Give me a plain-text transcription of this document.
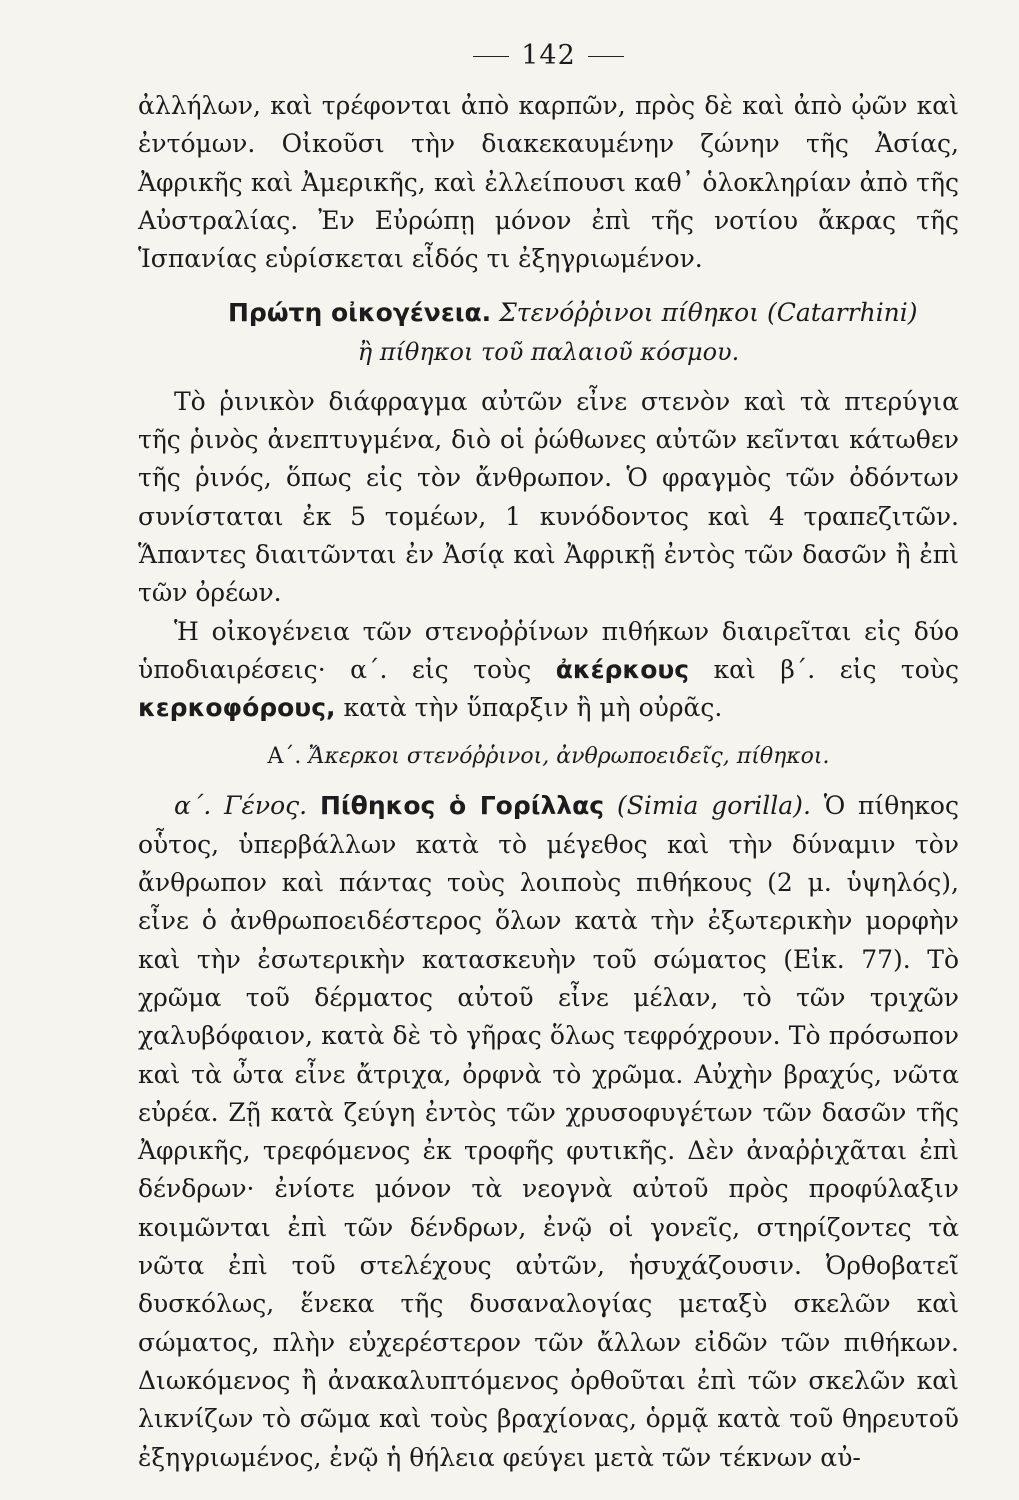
142

ἀλλήλων, καὶ τρέφονται ἀπὸ καρπῶν, πρὸς δὲ καὶ ἀπὸ ᾠῶν καὶ ἐντόμων. Οἰκοῦσι τὴν διακεκαυμένην ζώνην τῆς Ἀσίας, Ἀφρικῆς καὶ Ἀμερικῆς, καὶ ἐλλείπουσι καθ᾽ ὁλοκληρίαν ἀπὸ τῆς Αὐστραλίας. Ἐν Εὐρώπῃ μόνον ἐπὶ τῆς νοτίου ἄκρας τῆς Ἱσπανίας εὑρίσκεται εἶδός τι ἐξηγριωμένον.

Πρώτη οἰκογένεια. Στενόῤῥινοι πίθηκοι (Catarrhini)

ἢ πίθηκοι τοῦ παλαιοῦ κόσμου.

Τὸ ῥινικὸν διάφραγμα αὐτῶν εἶνε στενὸν καὶ τὰ πτερύγια τῆς ῥινὸς ἀνεπτυγμένα, διὸ οἱ ῥώθωνες αὐτῶν κεῖνται κάτωθεν τῆς ῥινός, ὅπως εἰς τὸν ἄνθρωπον. Ὁ φραγμὸς τῶν ὀδόντων συνίσταται ἐκ 5 τομέων, 1 κυνόδοντος καὶ 4 τραπεζιτῶν. Ἅπαντες διαιτῶνται ἐν Ἀσίᾳ καὶ Ἀφρικῇ ἐντὸς τῶν δασῶν ἢ ἐπὶ τῶν ὀρέων.

Ἡ οἰκογένεια τῶν στενοῤῥίνων πιθήκων διαιρεῖται εἰς δύο ὑποδιαιρέσεις· α΄. εἰς τοὺς ἀκέρκους καὶ β΄. εἰς τοὺς κερκοφόρους, κατὰ τὴν ὕπαρξιν ἢ μὴ οὐρᾶς.

Α΄. Ἄκερκοι στενόῤῥινοι, ἀνθρωποειδεῖς, πίθηκοι.

α΄. Γένος. Πίθηκος ὁ Γορίλλας (Simia gorilla). Ὁ πίθηκος οὗτος, ὑπερβάλλων κατὰ τὸ μέγεθος καὶ τὴν δύναμιν τὸν ἄνθρωπον καὶ πάντας τοὺς λοιποὺς πιθήκους (2 μ. ὑψηλός), εἶνε ὁ ἀνθρωποειδέστερος ὅλων κατὰ τὴν ἐξωτερικὴν μορφὴν καὶ τὴν ἐσωτερικὴν κατασκευὴν τοῦ σώματος (Εἰκ. 77). Τὸ χρῶμα τοῦ δέρματος αὐτοῦ εἶνε μέλαν, τὸ τῶν τριχῶν χαλυβόφαιον, κατὰ δὲ τὸ γῆρας ὅλως τεφρόχρουν. Τὸ πρόσωπον καὶ τὰ ὦτα εἶνε ἄτριχα, ὀρφνὰ τὸ χρῶμα. Αὐχὴν βραχύς, νῶτα εὐρέα. Ζῇ κατὰ ζεύγη ἐντὸς τῶν χρυσοφυγέτων τῶν δασῶν τῆς Ἀφρικῆς, τρεφόμενος ἐκ τροφῆς φυτικῆς. Δὲν ἀναῤῥιχᾶται ἐπὶ δένδρων· ἐνίοτε μόνον τὰ νεογνὰ αὐτοῦ πρὸς προφύλαξιν κοιμῶνται ἐπὶ τῶν δένδρων, ἐνῷ οἱ γονεῖς, στηρίζοντες τὰ νῶτα ἐπὶ τοῦ στελέχους αὐτῶν, ἡσυχάζουσιν. Ὀρθοβατεῖ δυσκόλως, ἕνεκα τῆς δυσαναλογίας μεταξὺ σκελῶν καὶ σώματος, πλὴν εὐχερέστερον τῶν ἄλλων εἰδῶν τῶν πιθήκων. Διωκόμενος ἢ ἀνακαλυπτόμενος ὀρθοῦται ἐπὶ τῶν σκελῶν καὶ λικνίζων τὸ σῶμα καὶ τοὺς βραχίονας, ὁρμᾷ κατὰ τοῦ θηρευτοῦ ἐξηγριωμένος, ἐνῷ ἡ θήλεια φεύγει μετὰ τῶν τέκνων αὐ-
